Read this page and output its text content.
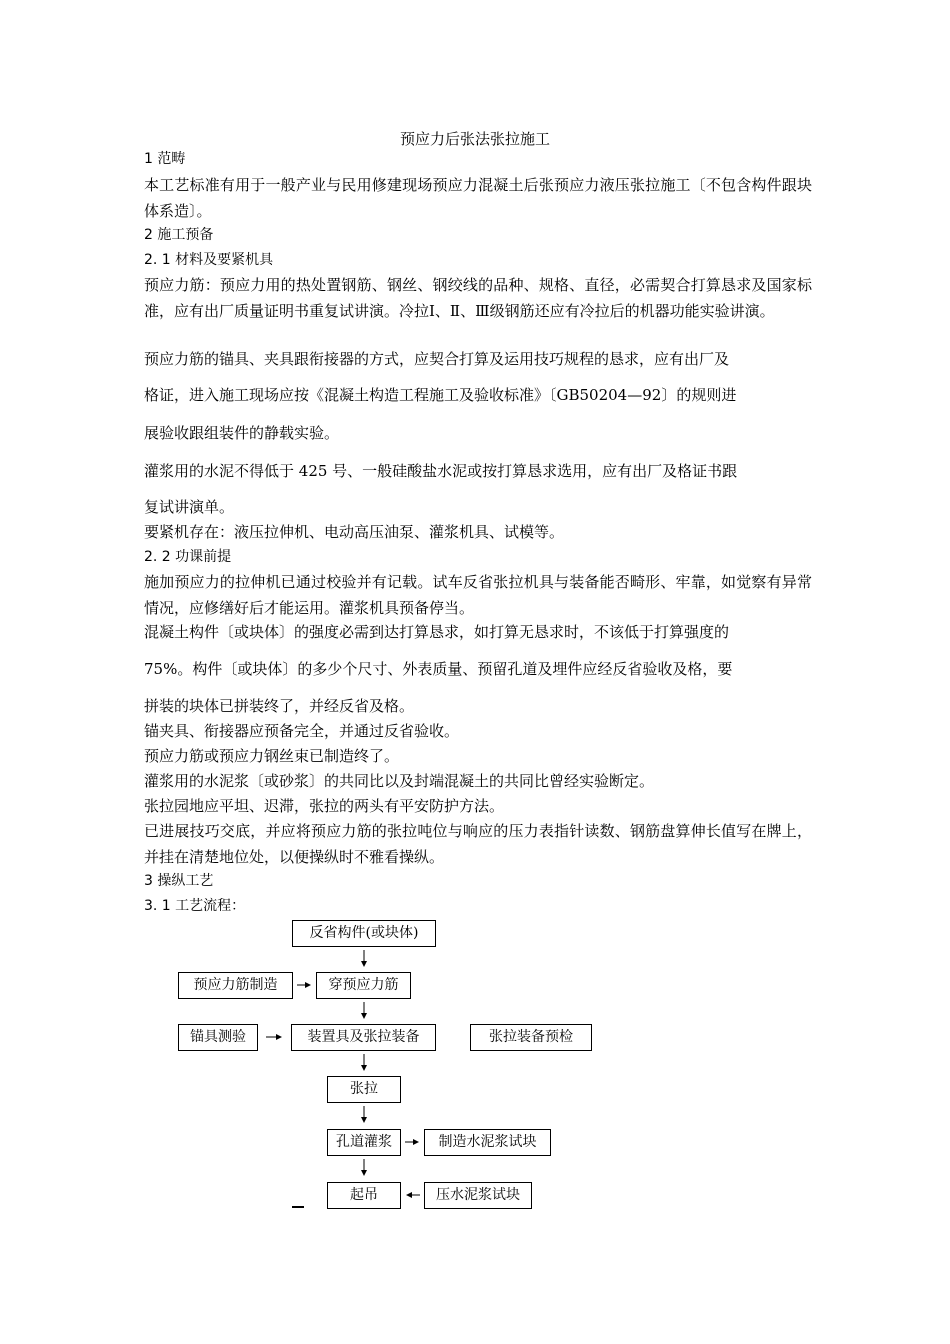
预应力后张法张拉施工

1 范畴

本工艺标准有用于一般产业与民用修建现场预应力混凝土后张预应力液压张拉施工〔不包含构件跟块体系造〕。

2 施工预备

2. 1 材料及要紧机具

预应力筋：预应力用的热处置钢筋、钢丝、钢绞线的品种、规格、直径，必需契合打算恳求及国家标准，应有出厂质量证明书重复试讲演。冷拉Ⅰ、Ⅱ、Ⅲ级钢筋还应有冷拉后的机器功能实验讲演。

预应力筋的锚具、夹具跟衔接器的方式，应契合打算及运用技巧规程的恳求，应有出厂及

格证，进入施工现场应按《混凝土构造工程施工及验收标准》〔GB50204—92〕的规则进

展验收跟组装件的静载实验。

灌浆用的水泥不得低于 425 号、一般硅酸盐水泥或按打算恳求选用，应有出厂及格证书跟

复试讲演单。

要紧机存在：液压拉伸机、电动高压油泵、灌浆机具、试模等。

2. 2 功课前提

施加预应力的拉伸机已通过校验并有记载。试车反省张拉机具与装备能否畸形、牢靠，如觉察有异常情况，应修缮好后才能运用。灌浆机具预备停当。

混凝土构件〔或块体〕的强度必需到达打算恳求，如打算无恳求时，不该低于打算强度的

75%。构件〔或块体〕的多少个尺寸、外表质量、预留孔道及埋件应经反省验收及格，要

拼装的块体已拼装终了，并经反省及格。

锚夹具、衔接器应预备完全，并通过反省验收。

预应力筋或预应力钢丝束已制造终了。

灌浆用的水泥浆〔或砂浆〕的共同比以及封端混凝土的共同比曾经实验断定。

张拉园地应平坦、迟滞，张拉的两头有平安防护方法。

已进展技巧交底，并应将预应力筋的张拉吨位与响应的压力表指针读数、钢筋盘算伸长值写在牌上，并挂在清楚地位处，以便操纵时不雅看操纵。

3 操纵工艺

3. 1 工艺流程：

反省构件(或块体)
预应力筋制造	穿预应力筋
锚具测验	装置具及张拉装备	张拉装备预检
张拉
孔道灌浆	制造水泥浆试块
起吊	压水泥浆试块
